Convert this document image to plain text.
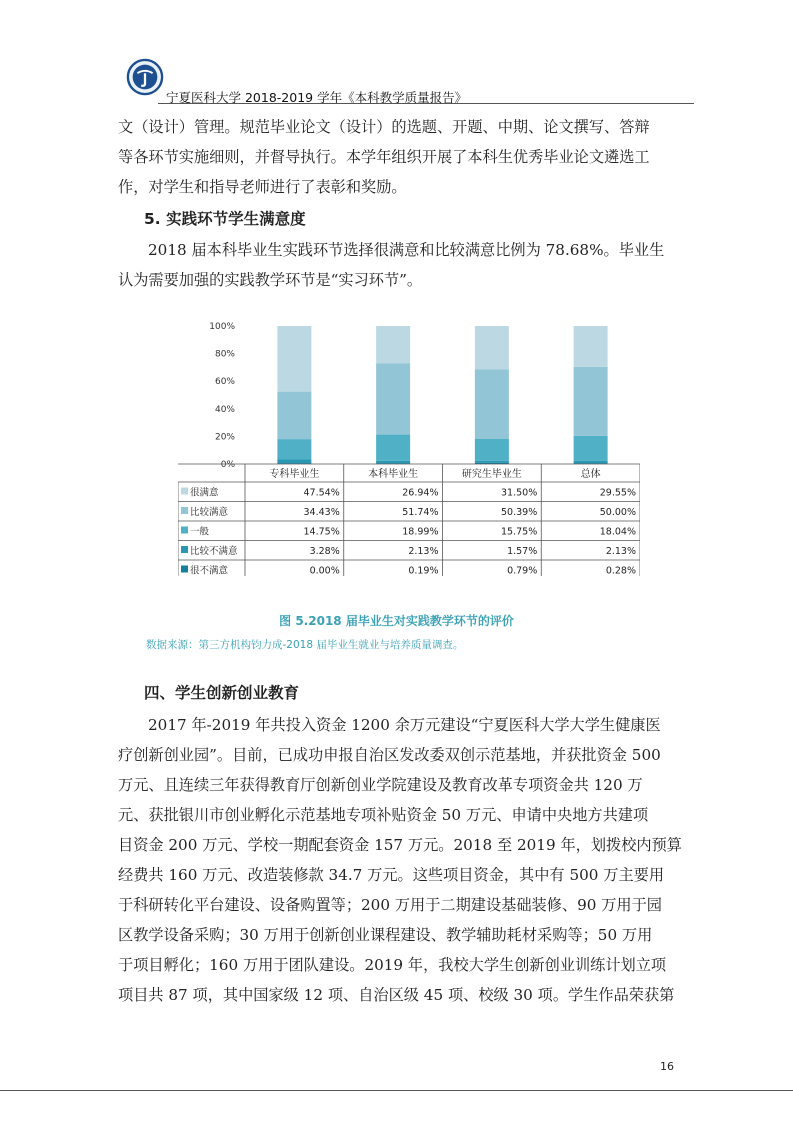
宁夏医科大学 2018-2019 学年《本科教学质量报告》
文（设计）管理。规范毕业论文（设计）的选题、开题、中期、论文撰写、答辩
等各环节实施细则，并督导执行。本学年组织开展了本科生优秀毕业论文遴选工
作，对学生和指导老师进行了表彰和奖励。
5. 实践环节学生满意度
2018 届本科毕业生实践环节选择很满意和比较满意比例为 78.68%。毕业生
认为需要加强的实践教学环节是“实习环节”。
100%
80%
60%
40%
20%
0%
专科毕业生	本科毕业生	研究生毕业生	总体
很满意	47.54%	26.94%	31.50%	29.55%
比较满意	34.43%	51.74%	50.39%	50.00%
一般	14.75%	18.99%	15.75%	18.04%
比较不满意	3.28%	2.13%	1.57%	2.13%
很不满意	0.00%	0.19%	0.79%	0.28%
图 5.2018 届毕业生对实践教学环节的评价
数据来源：第三方机构钧力成-2018 届毕业生就业与培养质量调查。
四、学生创新创业教育
2017 年-2019 年共投入资金 1200 余万元建设“宁夏医科大学大学生健康医
疗创新创业园”。目前，已成功申报自治区发改委双创示范基地，并获批资金 500
万元、且连续三年获得教育厅创新创业学院建设及教育改革专项资金共 120 万
元、获批银川市创业孵化示范基地专项补贴资金 50 万元、申请中央地方共建项
目资金 200 万元、学校一期配套资金 157 万元。2018 至 2019 年，划拨校内预算
经费共 160 万元、改造装修款 34.7 万元。这些项目资金，其中有 500 万主要用
于科研转化平台建设、设备购置等；200 万用于二期建设基础装修、90 万用于园
区教学设备采购；30 万用于创新创业课程建设、教学辅助耗材采购等；50 万用
于项目孵化；160 万用于团队建设。2019 年，我校大学生创新创业训练计划立项
项目共 87 项，其中国家级 12 项、自治区级 45 项、校级 30 项。学生作品荣获第
16
